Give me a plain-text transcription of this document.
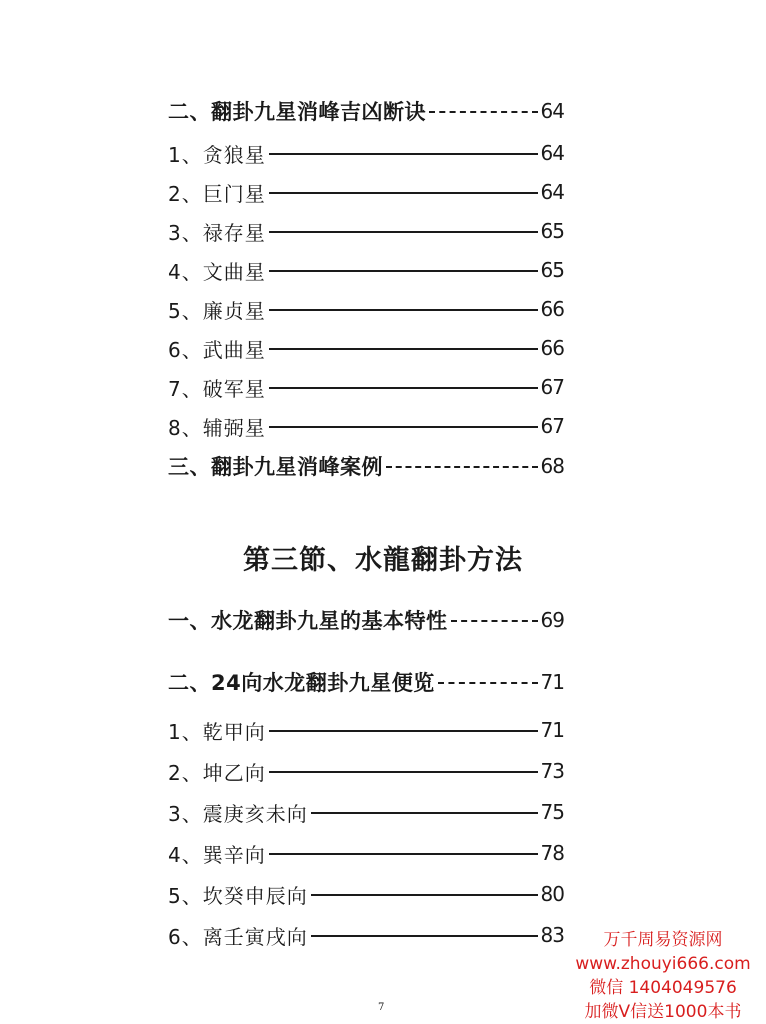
二、翻卦九星消峰吉凶断诀	64
1、贪狼星	64
2、巨门星	64
3、禄存星	65
4、文曲星	65
5、廉贞星	66
6、武曲星	66
7、破军星	67
8、辅弼星	67
三、翻卦九星消峰案例	68
第三節、水龍翻卦方法
一、水龙翻卦九星的基本特性	69
二、24向水龙翻卦九星便览	71
1、乾甲向	71
2、坤乙向	73
3、震庚亥未向	75
4、巽辛向	78
5、坎癸申辰向	80
6、离壬寅戌向	83
7
万千周易资源网
www.zhouyi666.com
微信 1404049576
加微V信送1000本书
